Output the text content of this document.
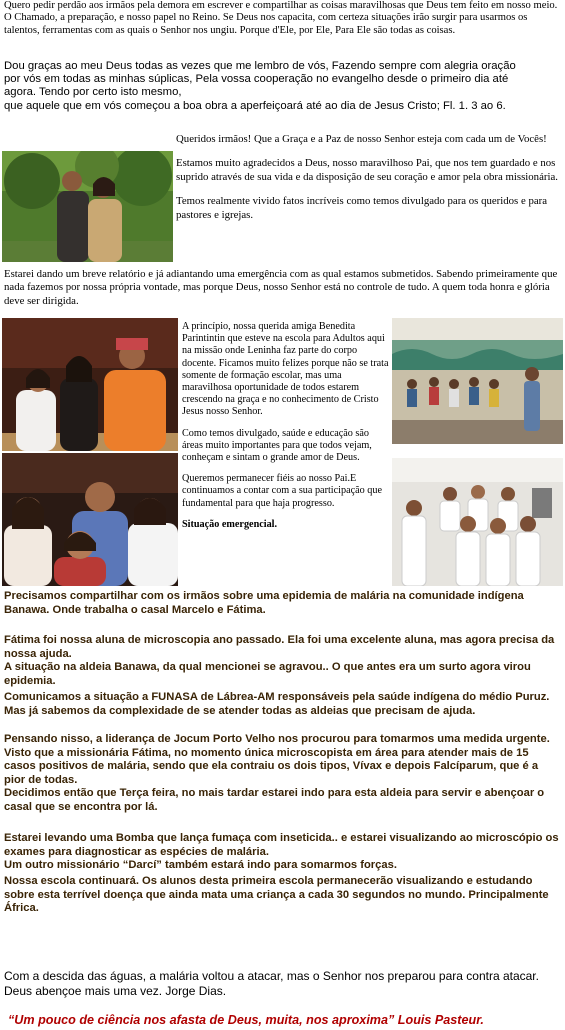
Quero pedir perdão aos irmãos pela demora em escrever e compartilhar as coisas maravilhosas que Deus tem feito em nosso meio. O Chamado, a preparação, e nosso papel no Reino. Se Deus nos capacita, com certeza situações irão surgir para usarmos os talentos, ferramentas com as quais o Senhor nos ungiu. Porque d'Ele, por Ele, Para Ele são todas as coisas.

Dou graças ao meu Deus todas as vezes que me lembro de vós, Fazendo sempre com alegria oração

por vós em todas as minhas súplicas, Pela vossa cooperação no evangelho desde o primeiro dia até

agora. Tendo por certo isto mesmo,

que aquele que em vós começou a boa obra a aperfeiçoará até ao dia de Jesus Cristo; Fl. 1. 3 ao 6.

Queridos irmãos! Que a Graça e a Paz de nosso Senhor esteja com cada um de Vocês!

Estamos muito agradecidos a Deus, nosso maravilhoso Pai, que nos tem guardado e nos suprido através de sua vida e da disposição de seu coração e amor pela obra missionária.

Temos realmente vivido fatos incríveis como temos divulgado para os queridos e para pastores e igrejas.

Estarei dando um breve relatório e já adiantando uma emergência com as qual estamos submetidos. Sabendo primeiramente que nada fazemos por nossa própria vontade, mas porque Deus, nosso Senhor está no controle de tudo. A quem toda honra e glória deve ser dirigida.

A princípio, nossa querida amiga Benedita Parintintin que esteve na escola para Adultos aqui na missão onde Leninha faz parte do corpo docente. Ficamos muito felizes porque não se trata somente de formação escolar, mas uma maravilhosa oportunidade de todos estarem crescendo na graça e no conhecimento de Cristo Jesus nosso Senhor.

Como temos divulgado, saúde e educação são áreas muito importantes para que todos vejam, conheçam e sintam o grande amor de Deus.

Queremos permanecer fiéis ao nosso Pai.E continuamos a contar com a sua participação que fundamental para que haja progresso.

Situação emergencial.

Precisamos compartilhar com os irmãos sobre uma epidemia de malária na comunidade indígena Banawa. Onde trabalha o casal Marcelo e Fátima.

Fátima foi nossa aluna de microscopia ano passado. Ela foi uma excelente aluna, mas agora precisa da nossa ajuda.

A situação na aldeia Banawa, da qual mencionei se agravou.. O que antes era um surto agora virou epidemia.

Comunicamos a situação a FUNASA de Lábrea-AM responsáveis pela saúde indígena do médio Puruz. Mas já sabemos da complexidade de se atender todas as aldeias que precisam de ajuda.

Pensando nisso, a liderança de Jocum Porto Velho nos procurou para tomarmos uma medida urgente. Visto que a missionária Fátima, no momento única microscopista em área para atender mais de 15 casos positivos de malária, sendo que ela contraiu os dois tipos, Vívax e depois Falcíparum, que é a pior de todas.

Decidimos então que Terça feira, no mais tardar estarei indo para esta aldeia para servir e abençoar o casal que se encontra por lá.

Estarei levando uma Bomba que lança fumaça com inseticida.. e estarei visualizando ao microscópio os exames para diagnosticar as espécies de malária.

Um outro missionário “Darcí” também estará indo para somarmos forças.

Nossa escola continuará. Os alunos desta primeira escola permanecerão visualizando e estudando sobre esta terrível doença que ainda mata uma criança a cada 30 segundos no mundo. Principalmente África.
Com a descida das águas, a malária voltou a atacar, mas o Senhor nos preparou para contra atacar. Deus abençoe mais uma vez. Jorge Dias.
“Um pouco de ciência nos afasta de Deus, muita, nos aproxima” Louis Pasteur.
